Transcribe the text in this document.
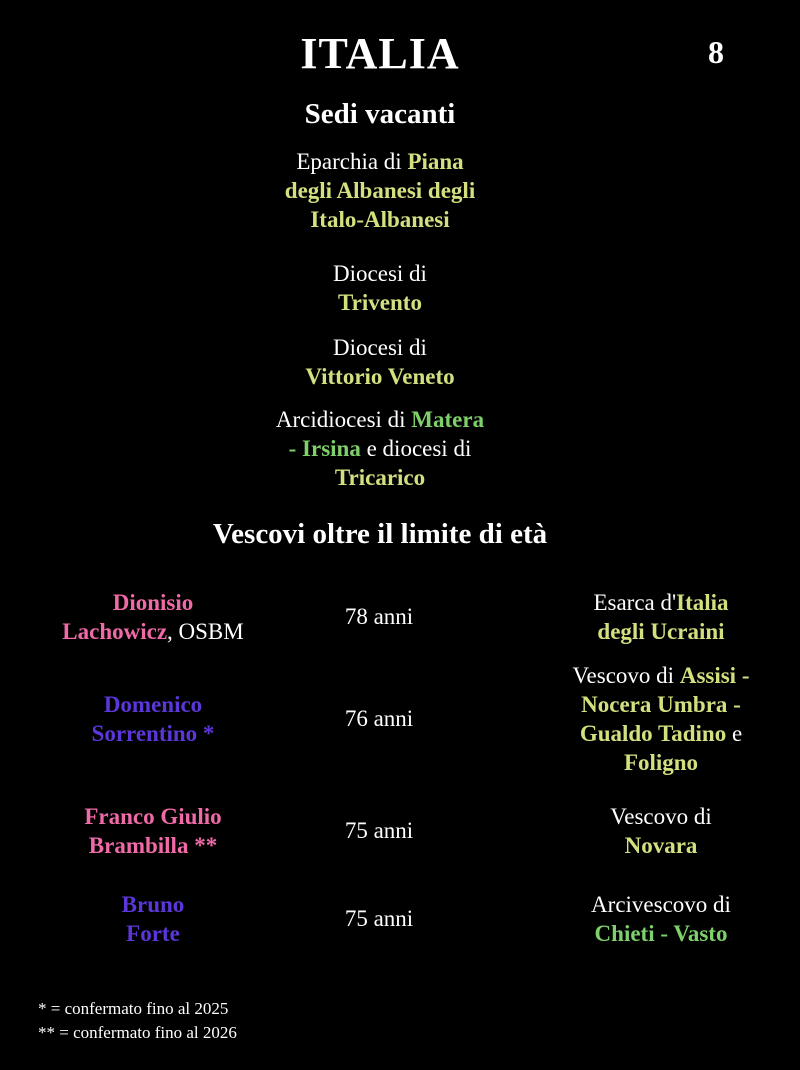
ITALIA	8
Sedi vacanti
Eparchia di Piana
degli Albanesi degli
Italo-Albanesi
Diocesi di
Trivento
Diocesi di
Vittorio Veneto
Arcidiocesi di Matera
- Irsina e diocesi di
Tricarico
Vescovi oltre il limite di età
Dionisio
Lachowicz, OSBM
78 anni
Esarca d'Italia
degli Ucraini
Domenico
Sorrentino *
76 anni
Vescovo di Assisi -
Nocera Umbra -
Gualdo Tadino e
Foligno
Franco Giulio
Brambilla **
75 anni
Vescovo di
Novara
Bruno
Forte
75 anni
Arcivescovo di
Chieti - Vasto
* = confermato fino al 2025
** = confermato fino al 2026
